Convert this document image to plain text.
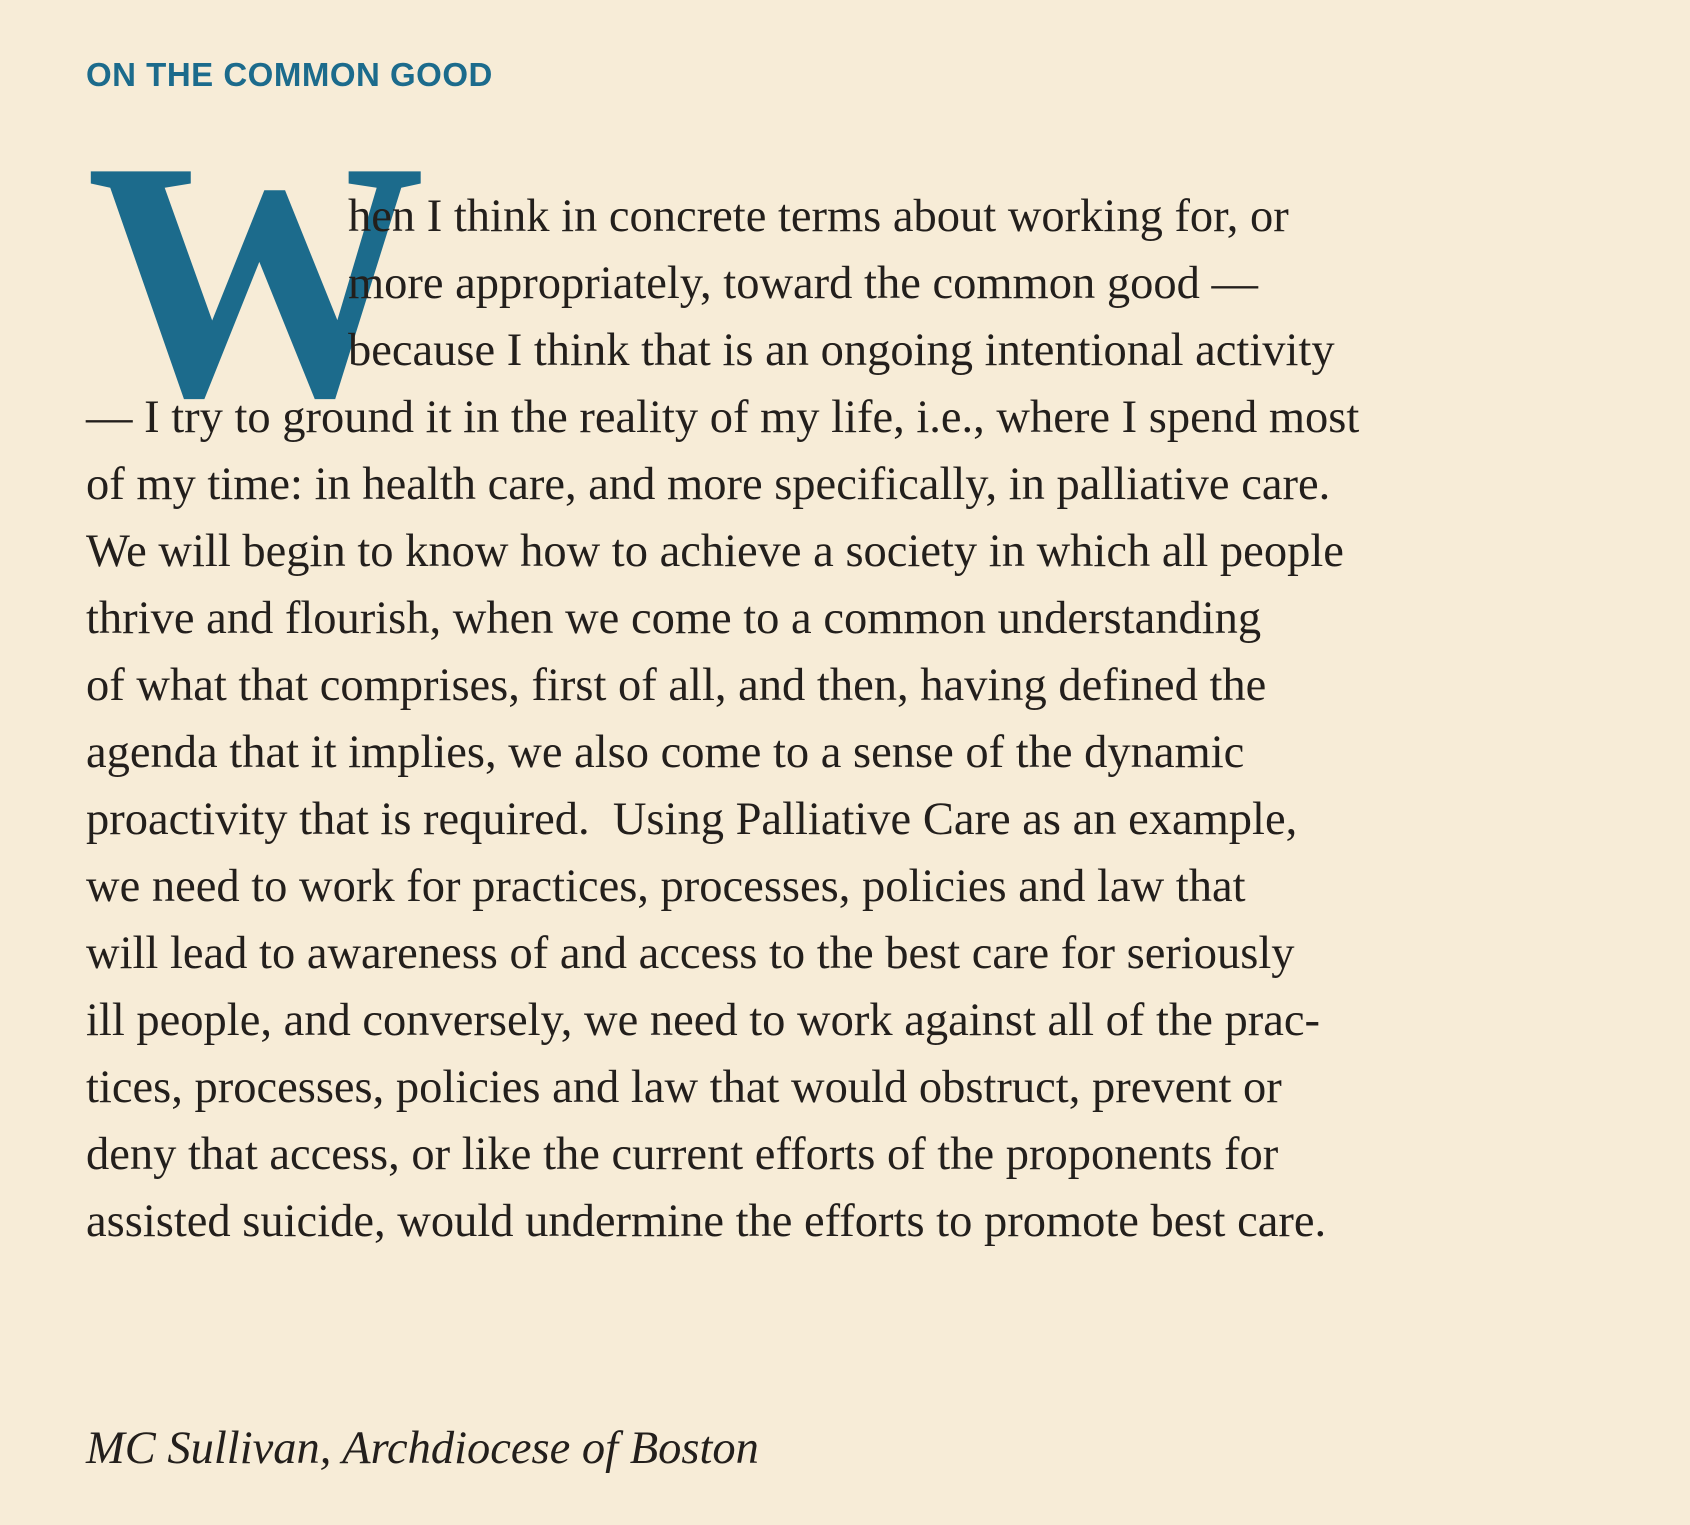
ON THE COMMON GOOD
W

hen I think in concrete terms about working for, or

more appropriately, toward the common good —

because I think that is an ongoing intentional activity

— I try to ground it in the reality of my life, i.e., where I spend most

of my time: in health care, and more specifically, in palliative care.

We will begin to know how to achieve a society in which all people

thrive and flourish, when we come to a common understanding

of what that comprises, first of all, and then, having defined the

agenda that it implies, we also come to a sense of the dynamic

proactivity that is required.  Using Palliative Care as an example,

we need to work for practices, processes, policies and law that

will lead to awareness of and access to the best care for seriously

ill people, and conversely, we need to work against all of the prac-

tices, processes, policies and law that would obstruct, prevent or

deny that access, or like the current efforts of the proponents for

assisted suicide, would undermine the efforts to promote best care.

MC Sullivan, Archdiocese of Boston
